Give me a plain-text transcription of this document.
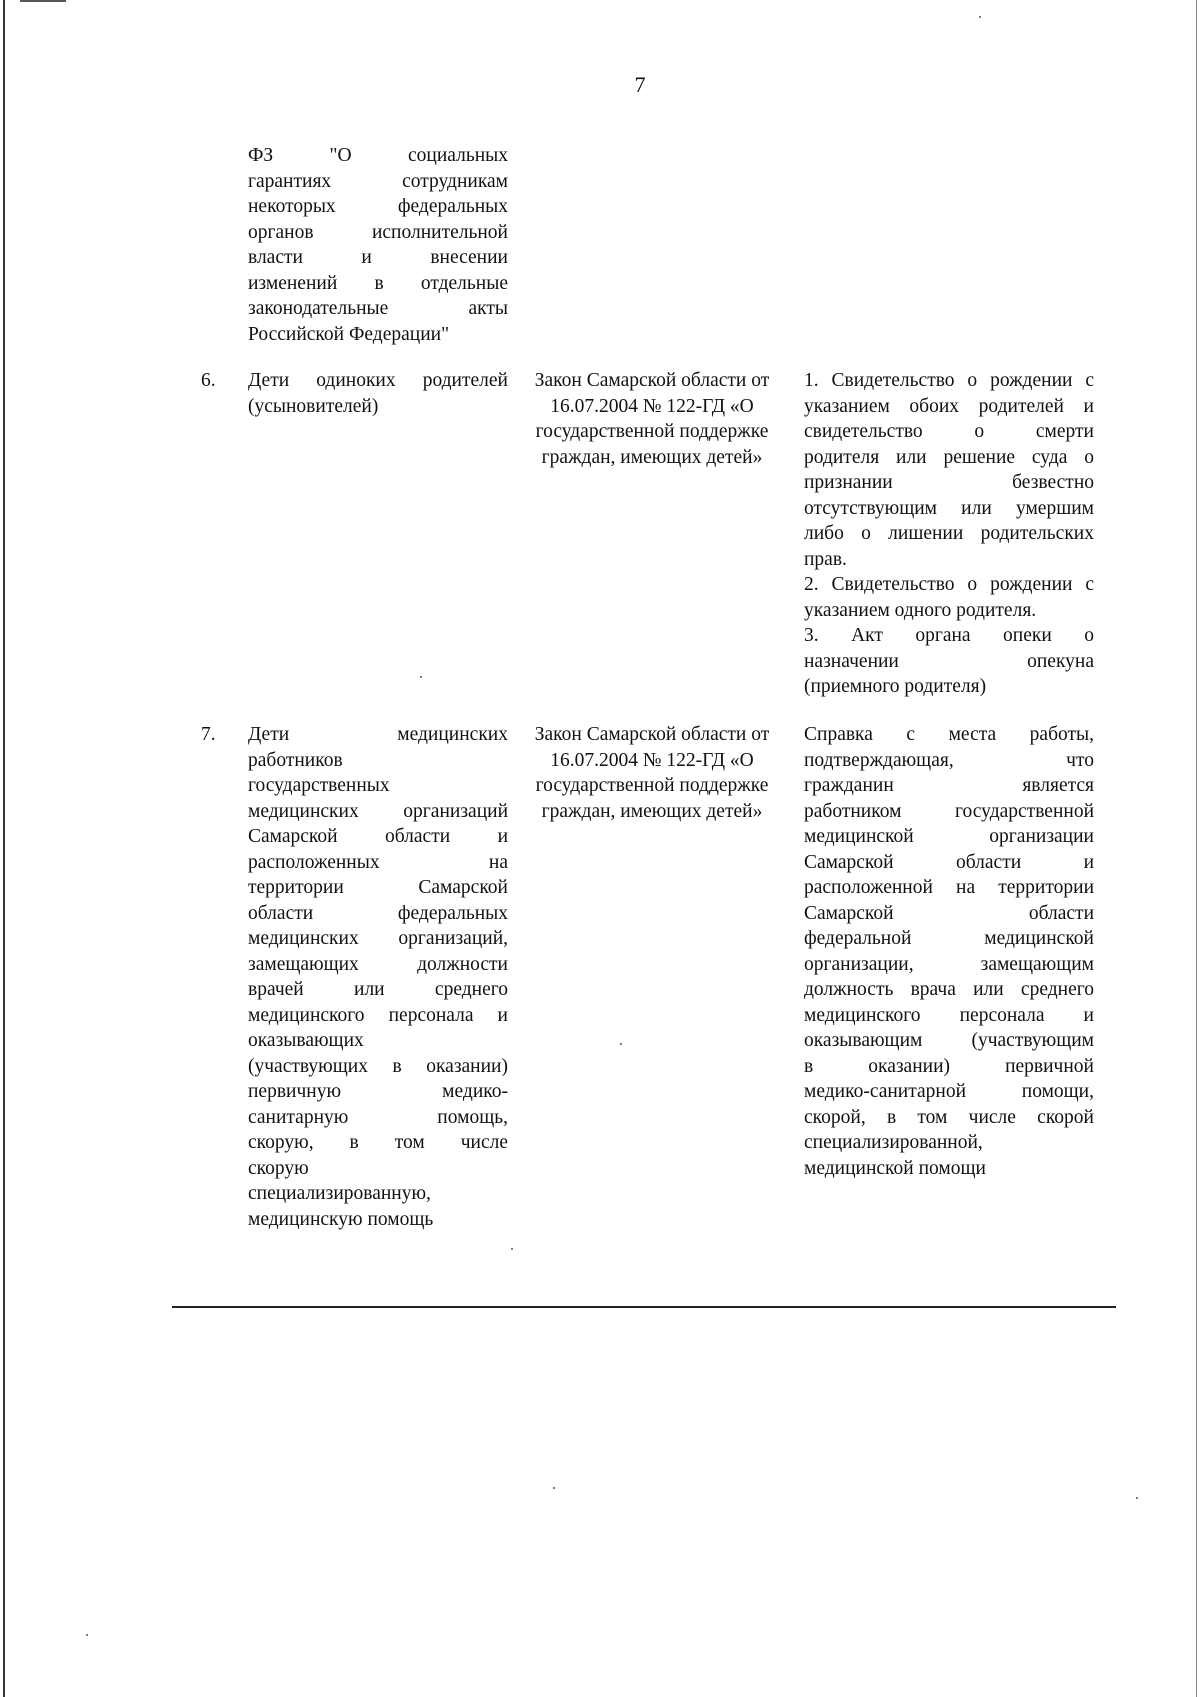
7
ФЗ "О социальных
гарантиях сотрудникам
некоторых федеральных
органов исполнительной
власти и внесении
изменений в отдельные
законодательные акты
Российской Федерации"
6.	Дети одиноких родителей
(усыновителей)
Закон Самарской области от
16.07.2004 № 122-ГД «О
государственной поддержке
граждан, имеющих детей»
1. Свидетельство о рождении с
указанием обоих родителей и
свидетельство о смерти
родителя или решение суда о
признании безвестно
отсутствующим или умершим
либо о лишении родительских
прав.
2. Свидетельство о рождении с
указанием одного родителя.
3. Акт органа опеки о
назначении опекуна
(приемного родителя)
7.	Дети медицинских
работников
государственных
медицинских организаций
Самарской области и
расположенных на
территории Самарской
области федеральных
медицинских организаций,
замещающих должности
врачей или среднего
медицинского персонала и
оказывающих
(участвующих в оказании)
первичную медико-
санитарную помощь,
скорую, в том числе
скорую
специализированную,
медицинскую помощь
Закон Самарской области от
16.07.2004 № 122-ГД «О
государственной поддержке
граждан, имеющих детей»
Справка с места работы,
подтверждающая, что
гражданин является
работником государственной
медицинской организации
Самарской области и
расположенной на территории
Самарской области
федеральной медицинской
организации, замещающим
должность врача или среднего
медицинского персонала и
оказывающим (участвующим
в оказании) первичной
медико-санитарной помощи,
скорой, в том числе скорой
специализированной,
медицинской помощи
